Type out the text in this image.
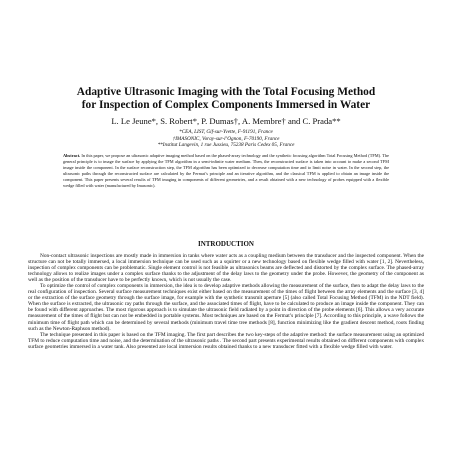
Adaptive Ultrasonic Imaging with the Total Focusing Method
for Inspection of Complex Components Immersed in Water
L. Le Jeune*, S. Robert*, P. Dumas†, A. Membre† and C. Prada**
*CEA, LIST, Gif-sur-Yvette, F-91191, France
†IMASONIC, Voray-sur-l’Ognon, F-70190, France
**Institut Langevin, 1 rue Jussieu, 75238 Paris Cedex 05, France
Abstract. In this paper, we propose an ultrasonic adaptive imaging method based on the phased-array technology and the synthetic focusing algorithm Total Focusing Method (TFM). The general principle is to image the surface by applying the TFM algorithm in a semi-infinite water medium. Then, the reconstructed surface is taken into account to make a second TFM image inside the component. In the surface reconstruction step, the TFM algorithm has been optimized to decrease computation time and to limit noise in water. In the second step, the ultrasonic paths through the reconstructed surface are calculated by the Fermat’s principle and an iterative algorithm, and the classical TFM is applied to obtain an image inside the component. This paper presents several results of TFM imaging in components of different geometries, and a result obtained with a new technology of probes equipped with a flexible wedge filled with water (manufactured by Imasonic).
INTRODUCTION

Non-contact ultrasonic inspections are mostly made in immersion in tanks where water acts as a coupling medium between the transducer and the inspected component. When the structure can not be totally immersed, a local immersion technique can be used such as a squirter or a new technology based on flexible wedge filled with water [1, 2]. Nevertheless, inspection of complex components can be problematic. Single element control is not feasible as ultrasonics beams are deflected and distorted by the complex surface. The phased-array technology allows to realize images under a complex surface thanks to the adjustment of the delay laws to the geometry under the probe. However, the geometry of the component as well as the position of the transducer have to be perfectly known, which is not usually the case.

To optimize the control of complex components in immersion, the idea is to develop adaptive methods allowing the measurement of the surface, then to adapt the delay laws to the real configuration of inspection. Several surface measurement techniques exist either based on the measurement of the times of flight between the array elements and the surface [3, 4] or the extraction of the surface geometry through the surface image, for example with the synthetic transmit aperture [5] (also called Total Focusing Method (TFM) in the NDT field). When the surface is extracted, the ultrasonic ray paths through the surface, and the associated times of flight, have to be calculated to produce an image inside the component. They can be found with different approaches. The most rigorous approach is to simulate the ultrasonic field radiated by a point in direction of the probe elements [6]. This allows a very accurate measurement of the times of flight but can not be embedded in portable systems. Most techniques are based on the Fermat’s principle [7]. According to this principle, a wave follows the minimum time of flight path which can be determined by several methods (minimum travel time tree methods [8], function minimizing like the gradient descent method, roots finding such as the Newton-Raphson method).

The technique presented in this paper is based on the TFM imaging. The first part describes the two key-steps of the adaptive method: the surface measurement using an optimized TFM to reduce computation time and noise, and the determination of the ultrasonic paths . The second part presents experimental results obtained on different components with complex surface geometries immersed in a water tank. Also presented are local immersion results obtained thanks to a new transducer fitted with a flexible wedge filled with water.
